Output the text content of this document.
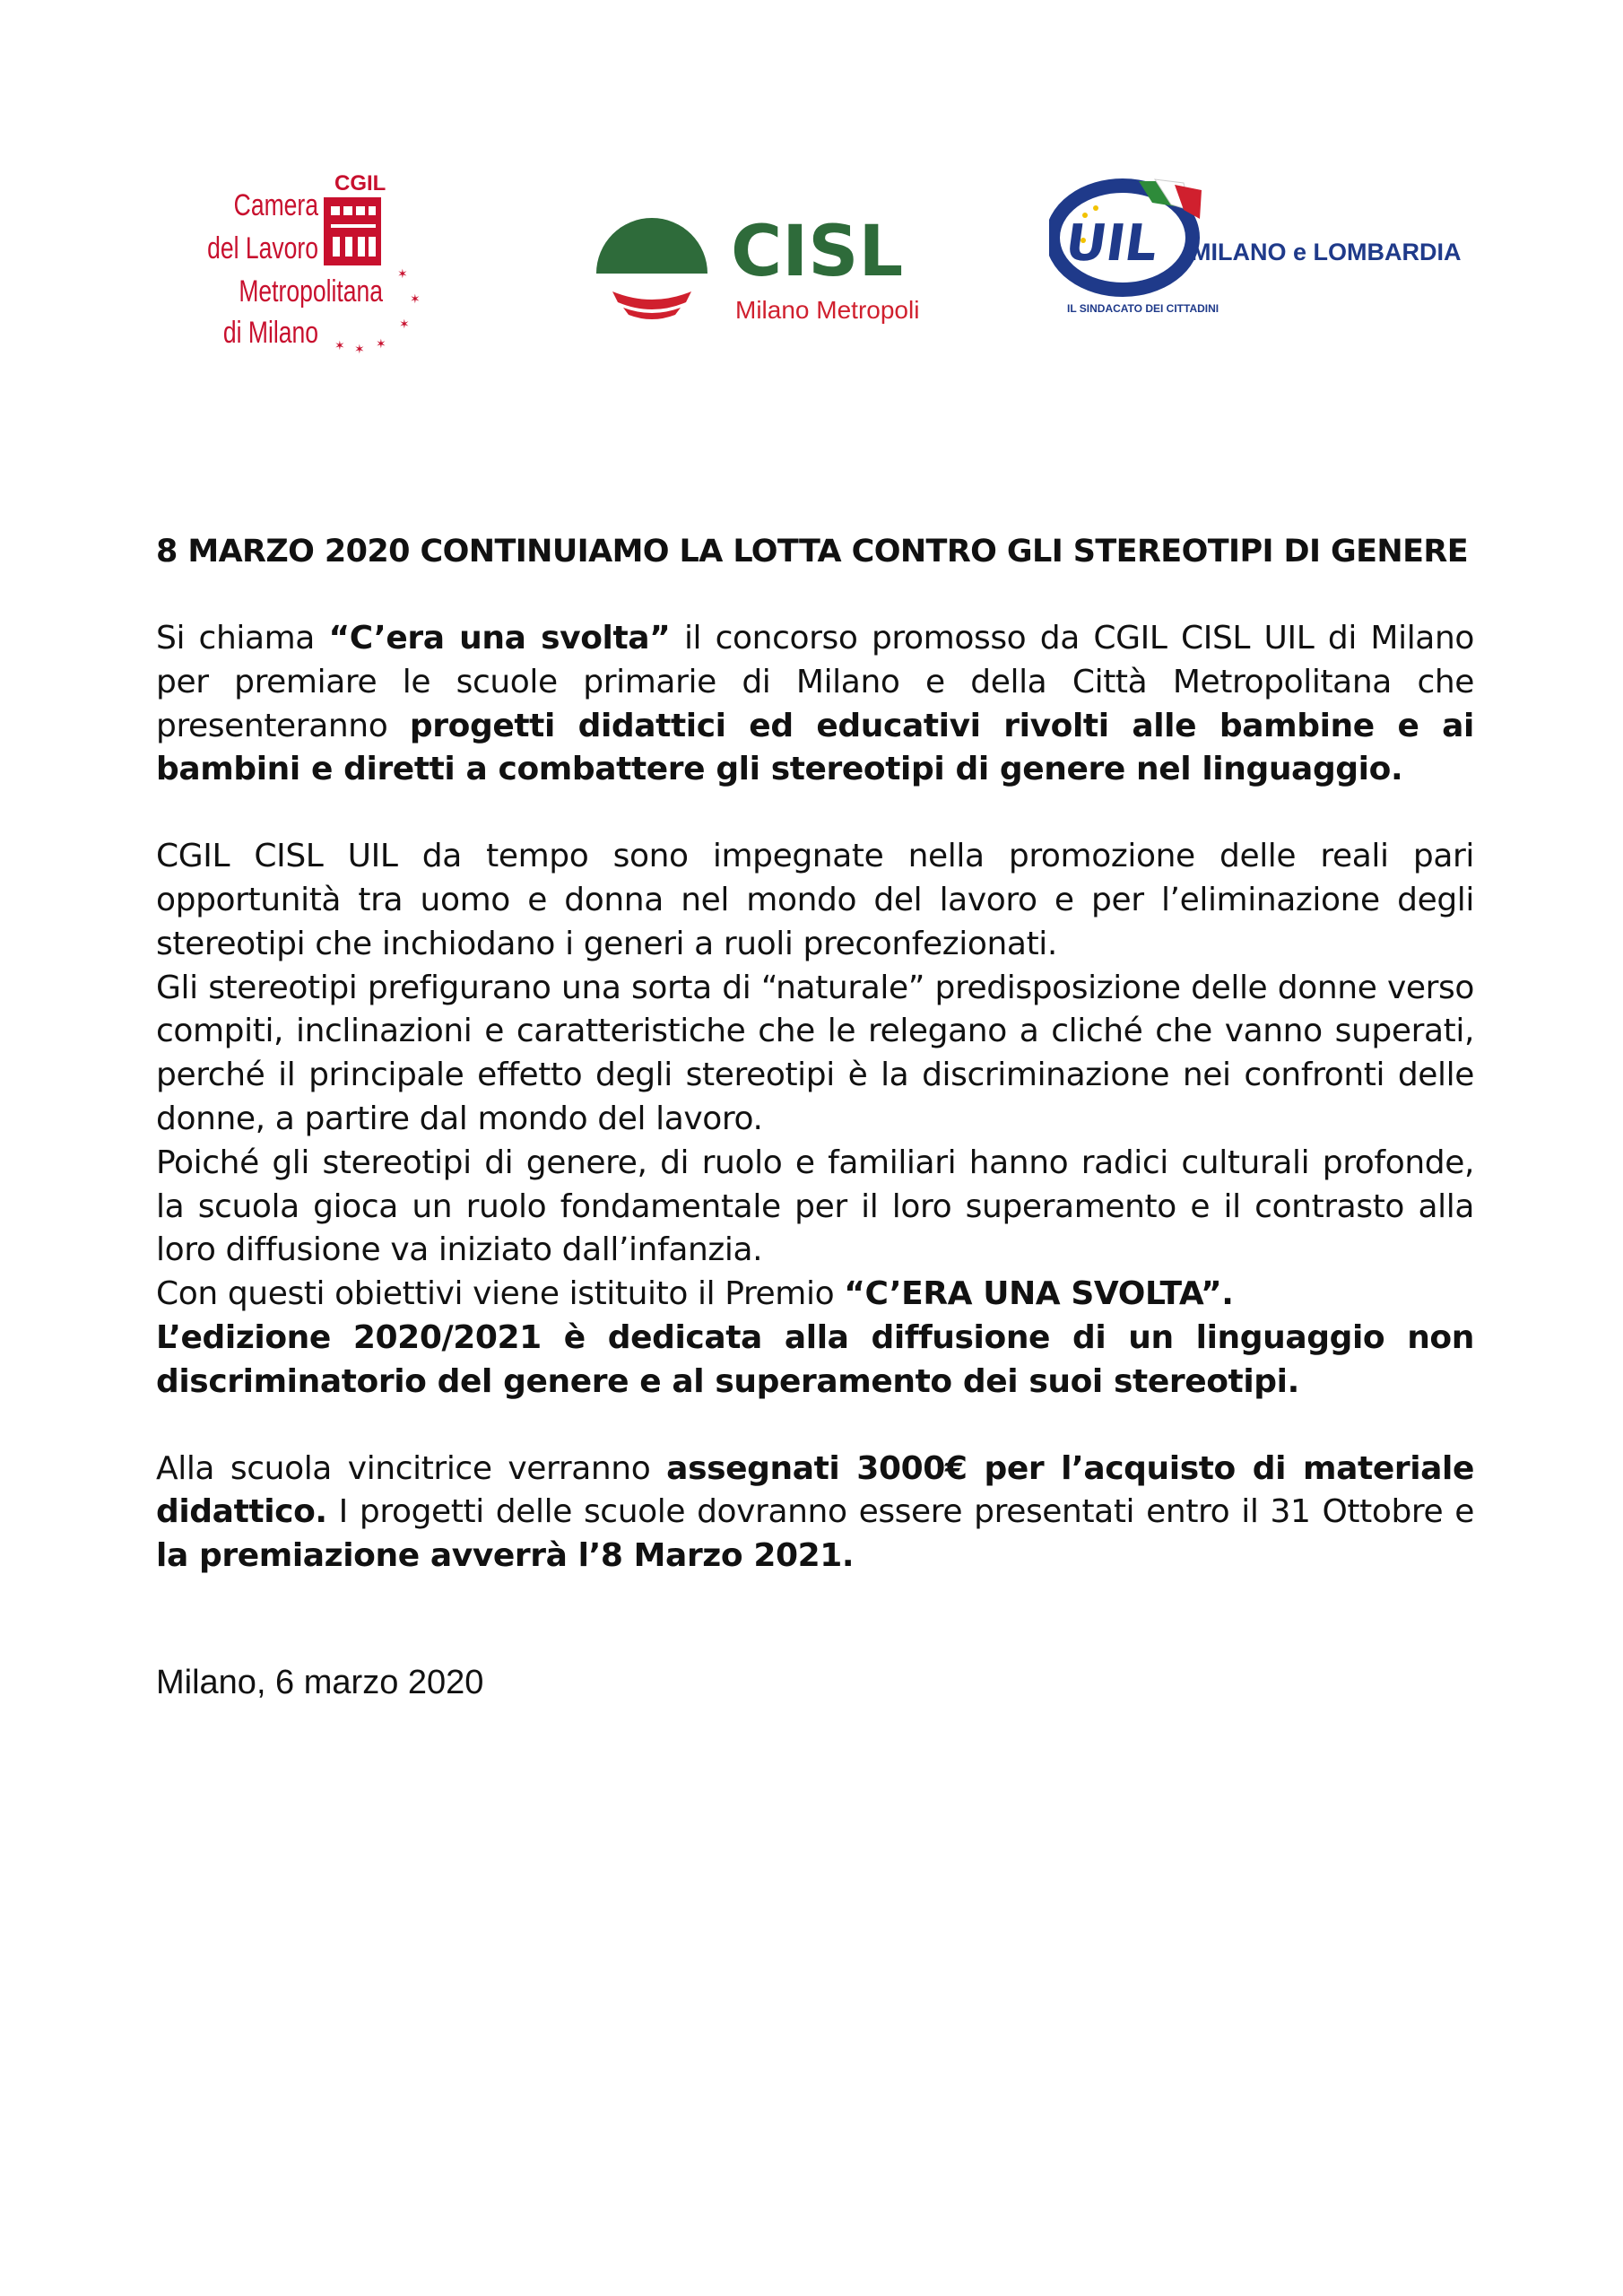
CGIL
Camera
del Lavoro
Metropolitana
di Milano
✶
✶
✶
✶ ✶ ✶
CISL
Milano Metropoli
UIL MILANO e LOMBARDIA
IL SINDACATO DEI CITTADINI
8 MARZO 2020 CONTINUIAMO LA LOTTA CONTRO GLI STEREOTIPI DI GENERE

Si chiama “C’era una svolta” il concorso promosso da CGIL CISL UIL di Milano per premiare le scuole primarie di Milano e della Città Metropolitana che presenteranno progetti didattici ed educativi rivolti alle bambine e ai bambini e diretti a combattere gli stereotipi di genere nel linguaggio.

CGIL CISL UIL da tempo sono impegnate nella promozione delle reali pari opportunità tra uomo e donna nel mondo del lavoro e per l’eliminazione degli stereotipi che inchiodano i generi a ruoli preconfezionati.

Gli stereotipi prefigurano una sorta di “naturale” predisposizione delle donne verso compiti, inclinazioni e caratteristiche che le relegano a cliché che vanno superati, perché il principale effetto degli stereotipi è la discriminazione nei confronti delle donne, a partire dal mondo del lavoro.

Poiché gli stereotipi di genere, di ruolo e familiari hanno radici culturali profonde, la scuola gioca un ruolo fondamentale per il loro superamento e il contrasto alla loro diffusione va iniziato dall’infanzia.

Con questi obiettivi viene istituito il Premio “C’ERA UNA SVOLTA”.

L’edizione 2020/2021 è dedicata alla diffusione di un linguaggio non discriminatorio del genere e al superamento dei suoi stereotipi.

Alla scuola vincitrice verranno assegnati 3000€ per l’acquisto di materiale didattico. I progetti delle scuole dovranno essere presentati entro il 31 Ottobre e la premiazione avverrà l’8 Marzo 2021.

Milano, 6 marzo 2020
